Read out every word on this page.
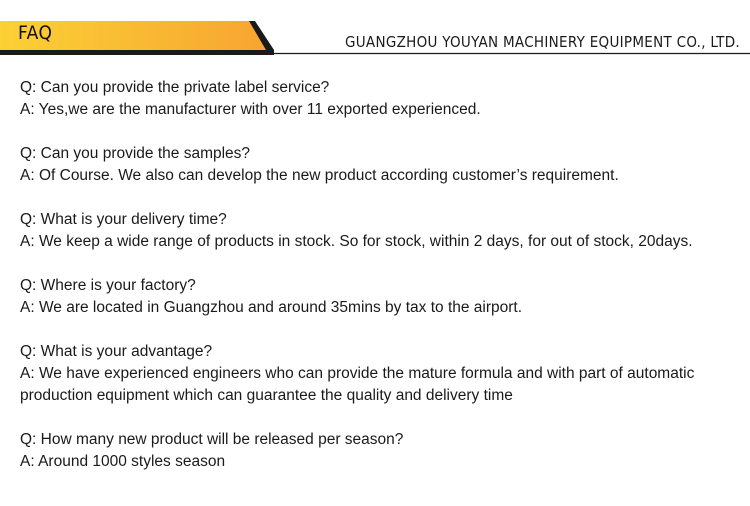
FAQ	GUANGZHOU YOUYAN MACHINERY EQUIPMENT CO., LTD.

Q: Can you provide the private label service?

A: Yes,we are the manufacturer with over 11 exported experienced.

Q: Can you provide the samples?

A: Of Course. We also can develop the new product according customer’s requirement.

Q: What is your delivery time?

A: We keep a wide range of products in stock. So for stock, within 2 days, for out of stock, 20days.

Q: Where is your factory?

A: We are located in Guangzhou and around 35mins by tax to the airport.

Q: What is your advantage?

A: We have experienced engineers who can provide the mature formula and with part of automatic production equipment which can guarantee the quality and delivery time

Q: How many new product will be released per season?

A: Around 1000 styles season
